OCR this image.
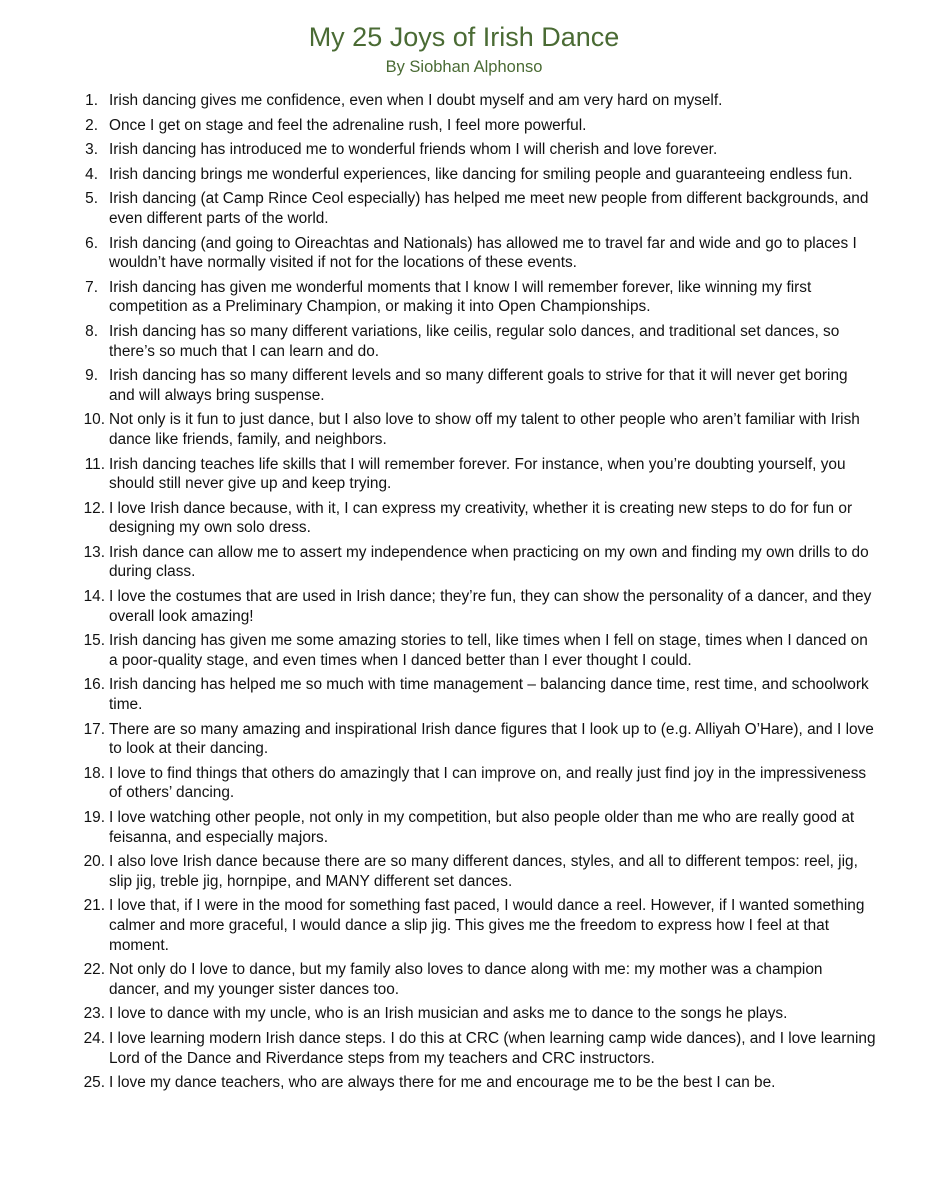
My 25 Joys of Irish Dance
By Siobhan Alphonso
1. Irish dancing gives me confidence, even when I doubt myself and am very hard on myself.
2. Once I get on stage and feel the adrenaline rush, I feel more powerful.
3. Irish dancing has introduced me to wonderful friends whom I will cherish and love forever.
4. Irish dancing brings me wonderful experiences, like dancing for smiling people and guaranteeing endless fun.
5. Irish dancing (at Camp Rince Ceol especially) has helped me meet new people from different backgrounds, and even different parts of the world.
6. Irish dancing (and going to Oireachtas and Nationals) has allowed me to travel far and wide and go to places I wouldn’t have normally visited if not for the locations of these events.
7. Irish dancing has given me wonderful moments that I know I will remember forever, like winning my first competition as a Preliminary Champion, or making it into Open Championships.
8. Irish dancing has so many different variations, like ceilis, regular solo dances, and traditional set dances, so there’s so much that I can learn and do.
9. Irish dancing has so many different levels and so many different goals to strive for that it will never get boring and will always bring suspense.
10. Not only is it fun to just dance, but I also love to show off my talent to other people who aren’t familiar with Irish dance like friends, family, and neighbors.
11. Irish dancing teaches life skills that I will remember forever. For instance, when you’re doubting yourself, you should still never give up and keep trying.
12. I love Irish dance because, with it, I can express my creativity, whether it is creating new steps to do for fun or designing my own solo dress.
13. Irish dance can allow me to assert my independence when practicing on my own and finding my own drills to do during class.
14. I love the costumes that are used in Irish dance; they’re fun, they can show the personality of a dancer, and they overall look amazing!
15. Irish dancing has given me some amazing stories to tell, like times when I fell on stage, times when I danced on a poor-quality stage, and even times when I danced better than I ever thought I could.
16. Irish dancing has helped me so much with time management – balancing dance time, rest time, and schoolwork time.
17. There are so many amazing and inspirational Irish dance figures that I look up to (e.g. Alliyah O’Hare), and I love to look at their dancing.
18. I love to find things that others do amazingly that I can improve on, and really just find joy in the impressiveness of others’ dancing.
19. I love watching other people, not only in my competition, but also people older than me who are really good at feisanna, and especially majors.
20. I also love Irish dance because there are so many different dances, styles, and all to different tempos: reel, jig, slip jig, treble jig, hornpipe, and MANY different set dances.
21. I love that, if I were in the mood for something fast paced, I would dance a reel. However, if I wanted something calmer and more graceful, I would dance a slip jig. This gives me the freedom to express how I feel at that moment.
22. Not only do I love to dance, but my family also loves to dance along with me: my mother was a champion dancer, and my younger sister dances too.
23. I love to dance with my uncle, who is an Irish musician and asks me to dance to the songs he plays.
24. I love learning modern Irish dance steps. I do this at CRC (when learning camp wide dances), and I love learning Lord of the Dance and Riverdance steps from my teachers and CRC instructors.
25. I love my dance teachers, who are always there for me and encourage me to be the best I can be.
